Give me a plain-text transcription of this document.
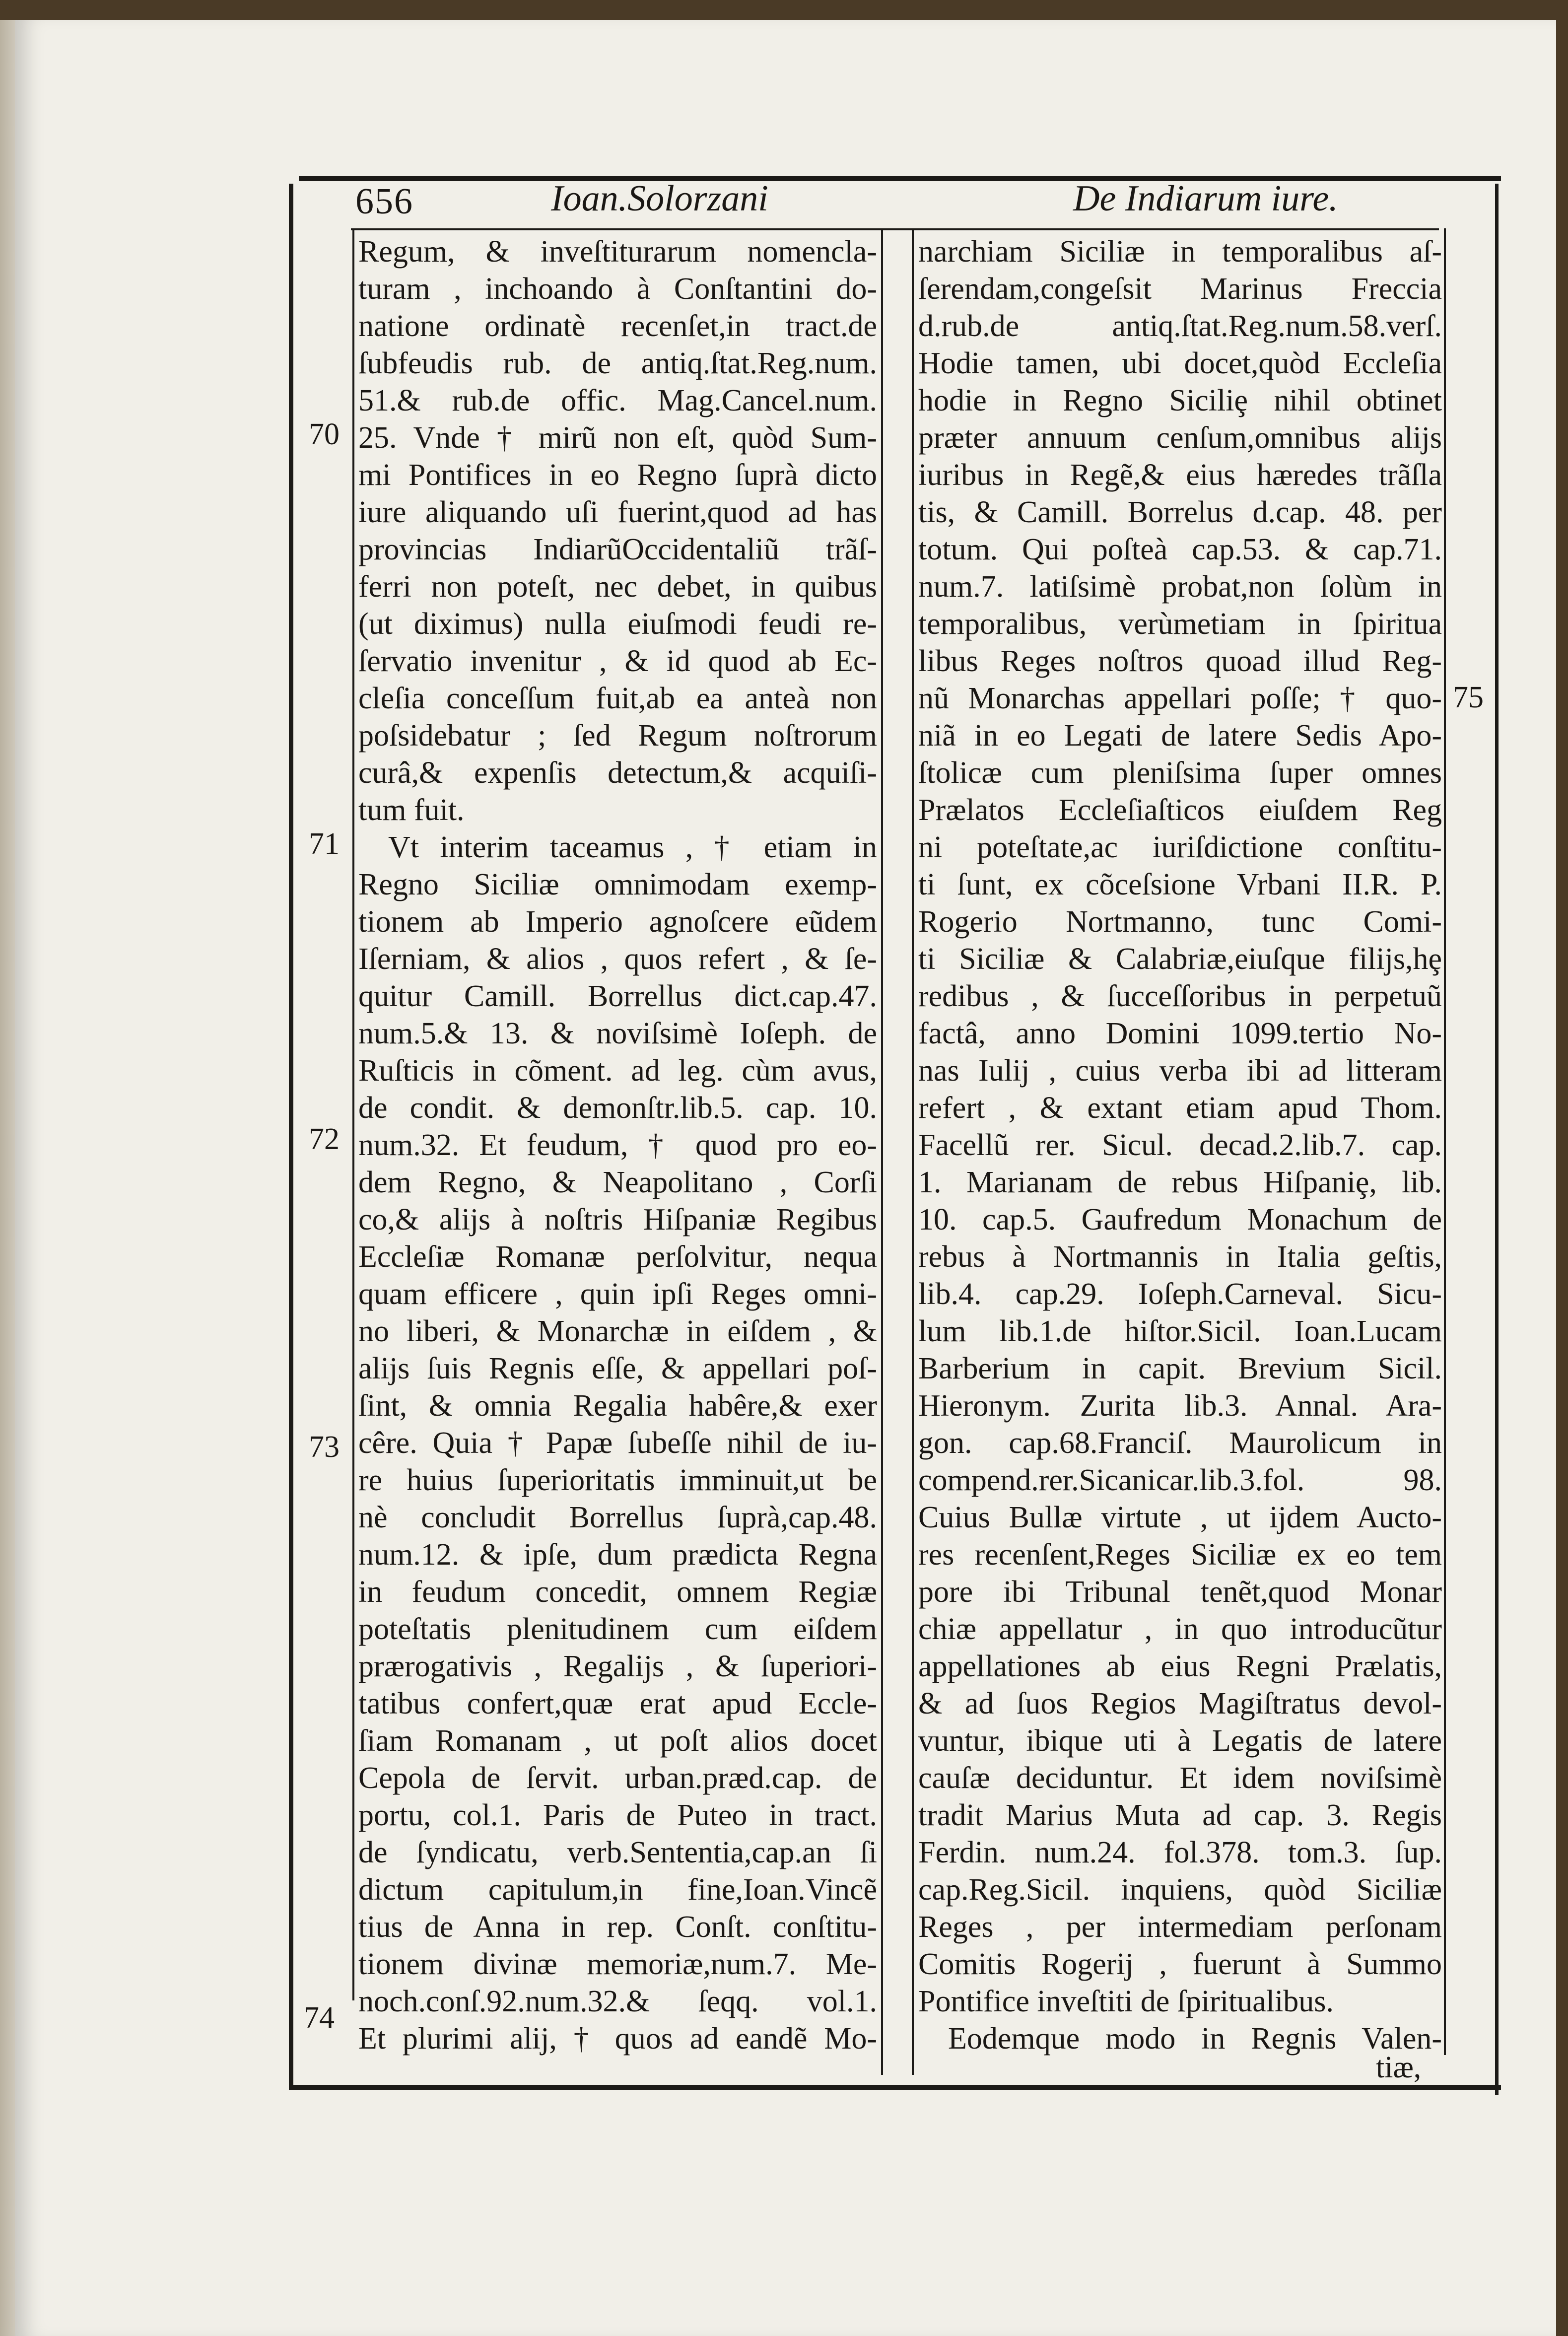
656	Ioan.Solorzani	De Indiarum iure.
70
71
72
73
74
75
Regum, & inveſtiturarum nomencla-
turam , inchoando à Conſtantini do-
natione ordinatè recenſet,in tract.de
ſubfeudis rub. de antiq.ſtat.Reg.num.
51.& rub.de offic. Mag.Cancel.num.
25. Vnde † mirũ non eſt, quòd Sum-
mi Pontifices in eo Regno ſuprà dicto
iure aliquando uſi fuerint,quod ad has
provincias IndiarũOccidentaliũ trãſ-
ferri non poteſt, nec debet, in quibus
(ut diximus) nulla eiuſmodi feudi re-
ſervatio invenitur , & id quod ab Ec-
cleſia conceſſum fuit,ab ea anteà non
poſsidebatur ; ſed Regum noſtrorum
curâ,& expenſis detectum,& acquiſi-
tum fuit.
Vt interim taceamus , † etiam in
Regno Siciliæ omnimodam exemp-
tionem ab Imperio agnoſcere eũdem
Iſerniam, & alios , quos refert , & ſe-
quitur Camill. Borrellus dict.cap.47.
num.5.& 13. & noviſsimè Ioſeph. de
Ruſticis in cõment. ad leg. cùm avus,
de condit. & demonſtr.lib.5. cap. 10.
num.32. Et feudum, † quod pro eo-
dem Regno, & Neapolitano , Corſi
co,& alijs à noſtris Hiſpaniæ Regibus
Eccleſiæ Romanæ perſolvitur, nequa
quam efficere , quin ipſi Reges omni-
no liberi, & Monarchæ in eiſdem , &
alijs ſuis Regnis eſſe, & appellari poſ-
ſint, & omnia Regalia habêre,& exer
cêre. Quia † Papæ ſubeſſe nihil de iu-
re huius ſuperioritatis imminuit,ut be
nè concludit Borrellus ſuprà,cap.48.
num.12. & ipſe, dum prædicta Regna
in feudum concedit, omnem Regiæ
poteſtatis plenitudinem cum eiſdem
prærogativis , Regalijs , & ſuperiori-
tatibus confert,quæ erat apud Eccle-
ſiam Romanam , ut poſt alios docet
Cepola de ſervit. urban.præd.cap. de
portu, col.1. Paris de Puteo in tract.
de ſyndicatu, verb.Sententia,cap.an ſi
dictum capitulum,in fine,Ioan.Vincẽ
tius de Anna in rep. Conſt. conſtitu-
tionem divinæ memoriæ,num.7. Me-
noch.conſ.92.num.32.& ſeqq. vol.1.
Et plurimi alij, † quos ad eandẽ Mo-
narchiam Siciliæ in temporalibus aſ-
ſerendam,congeſsit Marinus Freccia
d.rub.de antiq.ſtat.Reg.num.58.verſ.
Hodie tamen, ubi docet,quòd Eccleſia
hodie in Regno Siciliȩ nihil obtinet
præter annuum cenſum,omnibus alijs
iuribus in Regẽ,& eius hæredes trãſla
tis, & Camill. Borrelus d.cap. 48. per
totum. Qui poſteà cap.53. & cap.71.
num.7. latiſsimè probat,non ſolùm in
temporalibus, verùmetiam in ſpiritua
libus Reges noſtros quoad illud Reg-
nũ Monarchas appellari poſſe; † quo-
niã in eo Legati de latere Sedis Apo-
ſtolicæ cum pleniſsima ſuper omnes
Prælatos Eccleſiaſticos eiuſdem Reg
ni poteſtate,ac iuriſdictione conſtitu-
ti ſunt, ex cõceſsione Vrbani II.R. P.
Rogerio Nortmanno, tunc Comi-
ti Siciliæ & Calabriæ,eiuſque filijs,hȩ
redibus , & ſucceſſoribus in perpetuũ
factâ, anno Domini 1099.tertio No-
nas Iulij , cuius verba ibi ad litteram
refert , & extant etiam apud Thom.
Facellũ rer. Sicul. decad.2.lib.7. cap.
1. Marianam de rebus Hiſpaniȩ, lib.
10. cap.5. Gaufredum Monachum de
rebus à Nortmannis in Italia geſtis,
lib.4. cap.29. Ioſeph.Carneval. Sicu-
lum lib.1.de hiſtor.Sicil. Ioan.Lucam
Barberium in capit. Brevium Sicil.
Hieronym. Zurita lib.3. Annal. Ara-
gon. cap.68.Franciſ. Maurolicum in
compend.rer.Sicanicar.lib.3.fol. 98.
Cuius Bullæ virtute , ut ijdem Aucto-
res recenſent,Reges Siciliæ ex eo tem
pore ibi Tribunal tenẽt,quod Monar
chiæ appellatur , in quo introducũtur
appellationes ab eius Regni Prælatis,
& ad ſuos Regios Magiſtratus devol-
vuntur, ibique uti à Legatis de latere
cauſæ deciduntur. Et idem noviſsimè
tradit Marius Muta ad cap. 3. Regis
Ferdin. num.24. fol.378. tom.3. ſup.
cap.Reg.Sicil. inquiens, quòd Siciliæ
Reges , per intermediam perſonam
Comitis Rogerij , fuerunt à Summo
Pontifice inveſtiti de ſpiritualibus.
Eodemque modo in Regnis Valen-
tiæ,
